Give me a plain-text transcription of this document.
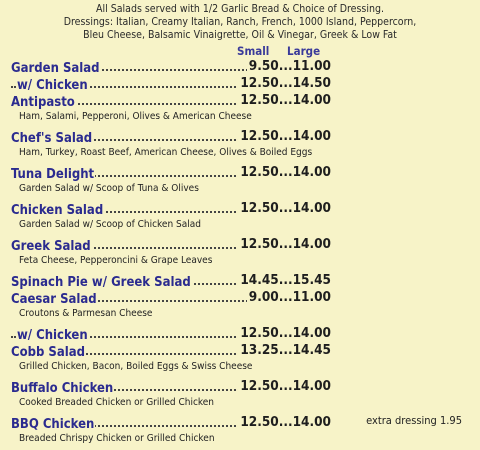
All Salads served with 1/2 Garlic Bread & Choice of Dressing.
Dressings: Italian, Creamy Italian, Ranch, French, 1000 Island, Peppercorn,
Bleu Cheese, Balsamic Vinaigrette, Oil & Vinegar, Greek & Low Fat
Small Large
Garden Salad	9.50...11.00
w/ Chicken	12.50...14.50
Antipasto	12.50...14.00
Ham, Salami, Pepperoni, Olives & American Cheese
Chef's Salad	12.50...14.00
Ham, Turkey, Roast Beef, American Cheese, Olives & Boiled Eggs
Tuna Delight	12.50...14.00
Garden Salad w/ Scoop of Tuna & Olives
Chicken Salad	12.50...14.00
Garden Salad w/ Scoop of Chicken Salad
Greek Salad	12.50...14.00
Feta Cheese, Pepperoncini & Grape Leaves
Spinach Pie w/ Greek Salad	14.45...15.45
Caesar Salad	9.00...11.00
Croutons & Parmesan Cheese
w/ Chicken	12.50...14.00
Cobb Salad	13.25...14.45
Grilled Chicken, Bacon, Boiled Eggs & Swiss Cheese
Buffalo Chicken	12.50...14.00
Cooked Breaded Chicken or Grilled Chicken
BBQ Chicken	12.50...14.00
Breaded Chrispy Chicken or Grilled Chicken
extra dressing 1.95
